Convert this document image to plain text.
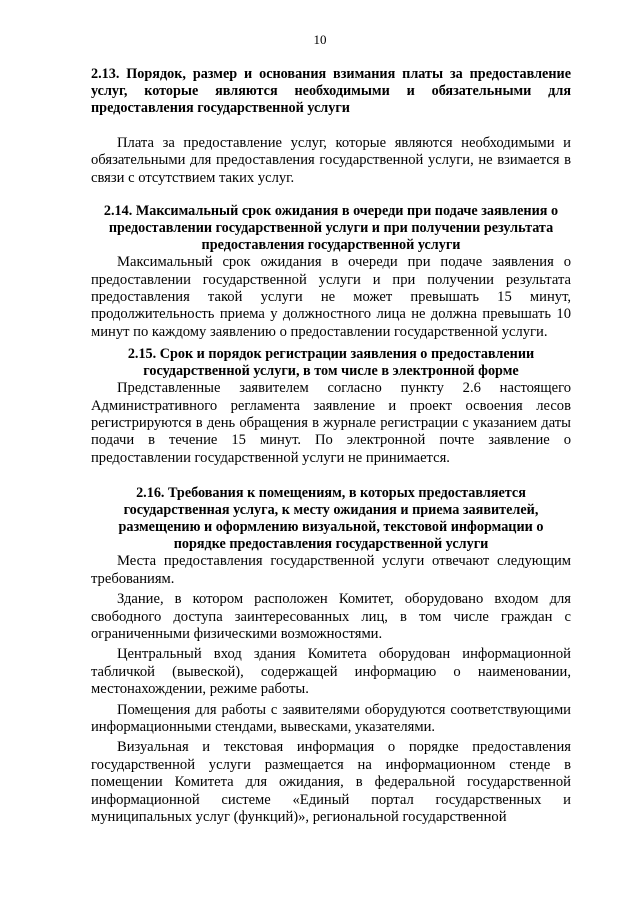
10

2.13. Порядок, размер и основания взимания платы за предоставление услуг, которые являются необходимыми и обязательными для предоставления государственной услуги

Плата за предоставление услуг, которые являются необходимыми и обязательными для предоставления государственной услуги, не взимается в связи с отсутствием таких услуг.

2.14. Максимальный срок ожидания в очереди при подаче заявления о предоставлении государственной услуги и при получении результата предоставления государственной услуги

Максимальный срок ожидания в очереди при подаче заявления о предоставлении государственной услуги и при получении результата предоставления такой услуги не может превышать 15 минут, продолжительность приема у должностного лица не должна превышать 10 минут по каждому заявлению о предоставлении государственной услуги.

2.15. Срок и порядок регистрации заявления о предоставлении государственной услуги, в том числе в электронной форме

Представленные заявителем согласно пункту 2.6 настоящего Административного регламента заявление и проект освоения лесов регистрируются в день обращения в журнале регистрации с указанием даты подачи в течение 15 минут. По электронной почте заявление о предоставлении государственной услуги не принимается.

2.16. Требования к помещениям, в которых предоставляется государственная услуга, к месту ожидания и приема заявителей, размещению и оформлению визуальной, текстовой информации о порядке предоставления государственной услуги

Места предоставления государственной услуги отвечают следующим требованиям.

Здание, в котором расположен Комитет, оборудовано входом для свободного доступа заинтересованных лиц, в том числе граждан с ограниченными физическими возможностями.

Центральный вход здания Комитета оборудован информационной табличкой (вывеской), содержащей информацию о наименовании, местонахождении, режиме работы.

Помещения для работы с заявителями оборудуются соответствующими информационными стендами, вывесками, указателями.

Визуальная и текстовая информация о порядке предоставления государственной услуги размещается на информационном стенде в помещении Комитета для ожидания, в федеральной государственной информационной системе «Единый портал государственных и муниципальных услуг (функций)», региональной государственной
